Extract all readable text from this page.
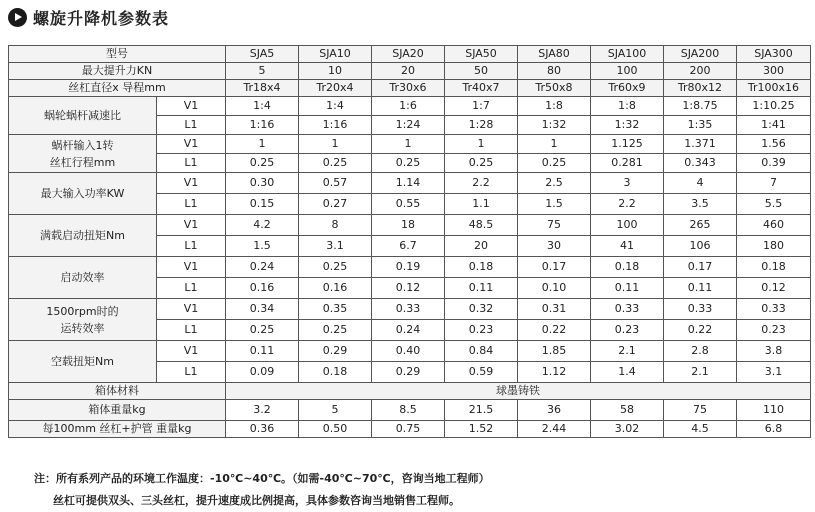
螺旋升降机参数表
型号		SJA5	SJA10	SJA20	SJA50	SJA80	SJA100	SJA200	SJA300
最大提升力KN		5	10	20	50	80	100	200	300
丝杠直径x 导程mm		Tr18x4	Tr20x4	Tr30x6	Tr40x7	Tr50x8	Tr60x9	Tr80x12	Tr100x16
蜗轮蜗杆减速比	V1	1:4	1:4	1:6	1:7	1:8	1:8	1:8.75	1:10.25
	L1	1:16	1:16	1:24	1:28	1:32	1:32	1:35	1:41

蜗杆输入1转
丝杠行程mm	V1	1	1	1	1	1	1.125	1.371	1.56
	L1	0.25	0.25	0.25	0.25	0.25	0.281	0.343	0.39
最大输入功率KW	V1	0.30	0.57	1.14	2.2	2.5	3	4	7
	L1	0.15	0.27	0.55	1.1	1.5	2.2	3.5	5.5
满载启动扭矩Nm	V1	4.2	8	18	48.5	75	100	265	460
	L1	1.5	3.1	6.7	20	30	41	106	180
启动效率	V1	0.24	0.25	0.19	0.18	0.17	0.18	0.17	0.18
	L1	0.16	0.16	0.12	0.11	0.10	0.11	0.11	0.12

1500rpm时的
运转效率	V1	0.34	0.35	0.33	0.32	0.31	0.33	0.33	0.33
	L1	0.25	0.25	0.24	0.23	0.22	0.23	0.22	0.23
空载扭矩Nm	V1	0.11	0.29	0.40	0.84	1.85	2.1	2.8	3.8
	L1	0.09	0.18	0.29	0.59	1.12	1.4	2.1	3.1
箱体材料		球墨铸铁							
箱体重量kg		3.2	5	8.5	21.5	36	58	75	110
每100mm 丝杠+护管 重量kg		0.36	0.50	0.75	1.52	2.44	3.02	4.5	6.8
注：所有系列产品的环境工作温度：-10℃~40℃。（如需-40℃~70℃，咨询当地工程师）
丝杠可提供双头、三头丝杠，提升速度成比例提高，具体参数咨询当地销售工程师。
